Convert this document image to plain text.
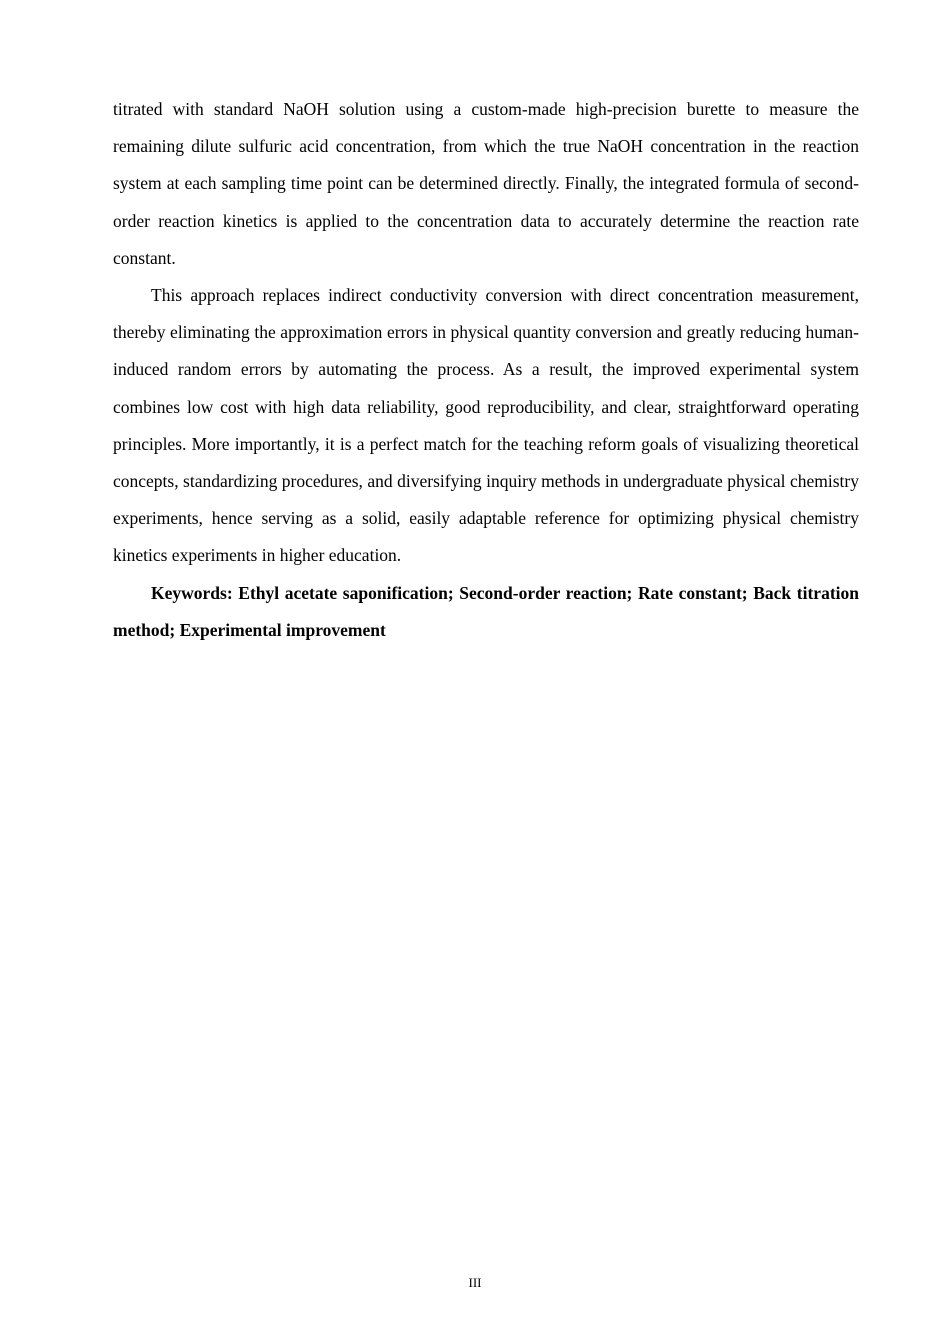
titrated with standard NaOH solution using a custom-made high-precision burette to measure the remaining dilute sulfuric acid concentration, from which the true NaOH concentration in the reaction system at each sampling time point can be determined directly. Finally, the integrated formula of second-order reaction kinetics is applied to the concentration data to accurately determine the reaction rate constant.

This approach replaces indirect conductivity conversion with direct concentration measurement, thereby eliminating the approximation errors in physical quantity conversion and greatly reducing human-induced random errors by automating the process. As a result, the improved experimental system combines low cost with high data reliability, good reproducibility, and clear, straightforward operating principles. More importantly, it is a perfect match for the teaching reform goals of visualizing theoretical concepts, standardizing procedures, and diversifying inquiry methods in undergraduate physical chemistry experiments, hence serving as a solid, easily adaptable reference for optimizing physical chemistry kinetics experiments in higher education.

Keywords: Ethyl acetate saponification; Second-order reaction; Rate constant; Back titration method; Experimental improvement

III
